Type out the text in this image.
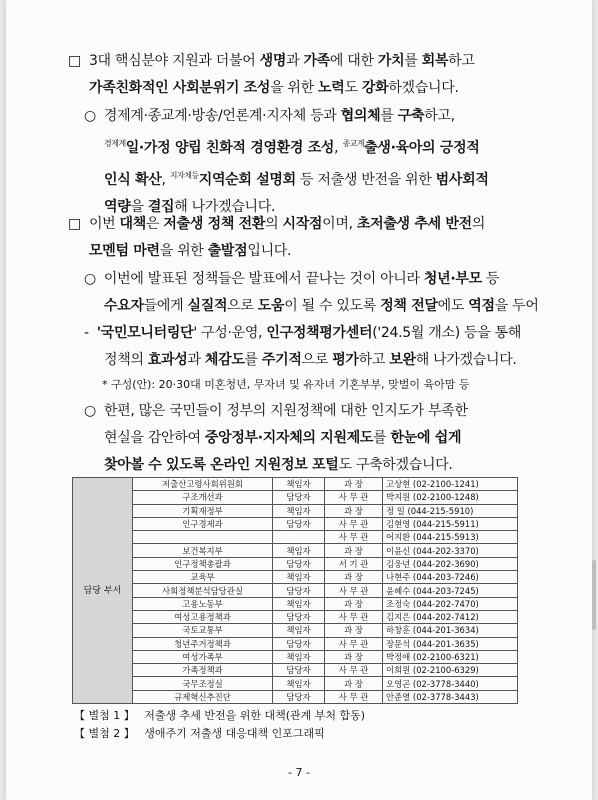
□ 3대 핵심분야 지원과 더불어 생명과 가족에 대한 가치를 회복하고
가족친화적인 사회분위기 조성을 위한 노력도 강화하겠습니다.
○ 경제계·종교계·방송/언론계·지자체 등과 협의체를 구축하고,
$^{경제계}$일·가정 양립 친화적 경영환경 조성, $^{종교계}$출생·육아의 긍정적
인식 확산, $^{지자체등}$지역순회 설명회 등 저출생 반전을 위한 범사회적
역량을 결집해 나가겠습니다.
□ 이번 대책은 저출생 정책 전환의 시작점이며, 초저출생 추세 반전의
모멘텀 마련을 위한 출발점입니다.
○ 이번에 발표된 정책들은 발표에서 끝나는 것이 아니라 청년·부모 등
수요자들에게 실질적으로 도움이 될 수 있도록 정책 전달에도 역점을 두어
- '국민모니터링단' 구성·운영, 인구정책평가센터('24.5월 개소) 등을 통해
정책의 효과성과 체감도를 주기적으로 평가하고 보완해 나가겠습니다.
* 구성(안): 20·30대 미혼청년, 무자녀 및 유자녀 기혼부부, 맞벌이 육아맘 등
○ 한편, 많은 국민들이 정부의 지원정책에 대한 인지도가 부족한
현실을 감안하여 중앙정부·지자체의 지원제도를 한눈에 쉽게
찾아볼 수 있도록 온라인 지원정보 포털도 구축하겠습니다.
담당 부서	저출산고령사회위원회	책임자	과 장	고상현 (02-2100-1241)
	구조개선과	담당자	사 무 관	박지원 (02-2100-1248)
	기획재정부	책임자	과 장	정 일 (044-215-5910)
	인구경제과	담당자	사 무 관	김현영 (044-215-5911)
			사 무 관	어지환 (044-215-5913)
	보건복지부	책임자	과 장	이윤신 (044-202-3370)
	인구정책총괄과	담당자	서 기 관	김웅년 (044-202-3690)
	교육부	책임자	과 장	나현주 (044-203-7246)
	사회정책분석담당관실	담당자	사 무 관	윤혜수 (044-203-7245)
	고용노동부	책임자	과 장	조정숙 (044-202-7470)
	여성고용정책과	담당자	사 무 관	김지은 (044-202-7412)
	국토교통부	책임자	과 장	하창훈 (044-201-3634)
	청년주거정책과	담당자	사 무 관	장문석 (044-201-3635)
	여성가족부	책임자	과 장	박정애 (02-2100-6321)
	가족정책과	담당자	사 무 관	이희원 (02-2100-6329)
	국무조정실	책임자	과 장	오영곤 (02-3778-3440)
	규제혁신추진단	담당자	사 무 관	안준열 (02-3778-3443)
【 별첨 1 】 저출생 추세 반전을 위한 대책(관계 부처 합동)
【 별첨 2 】 생애주기 저출생 대응대책 인포그래픽
- 7 -
